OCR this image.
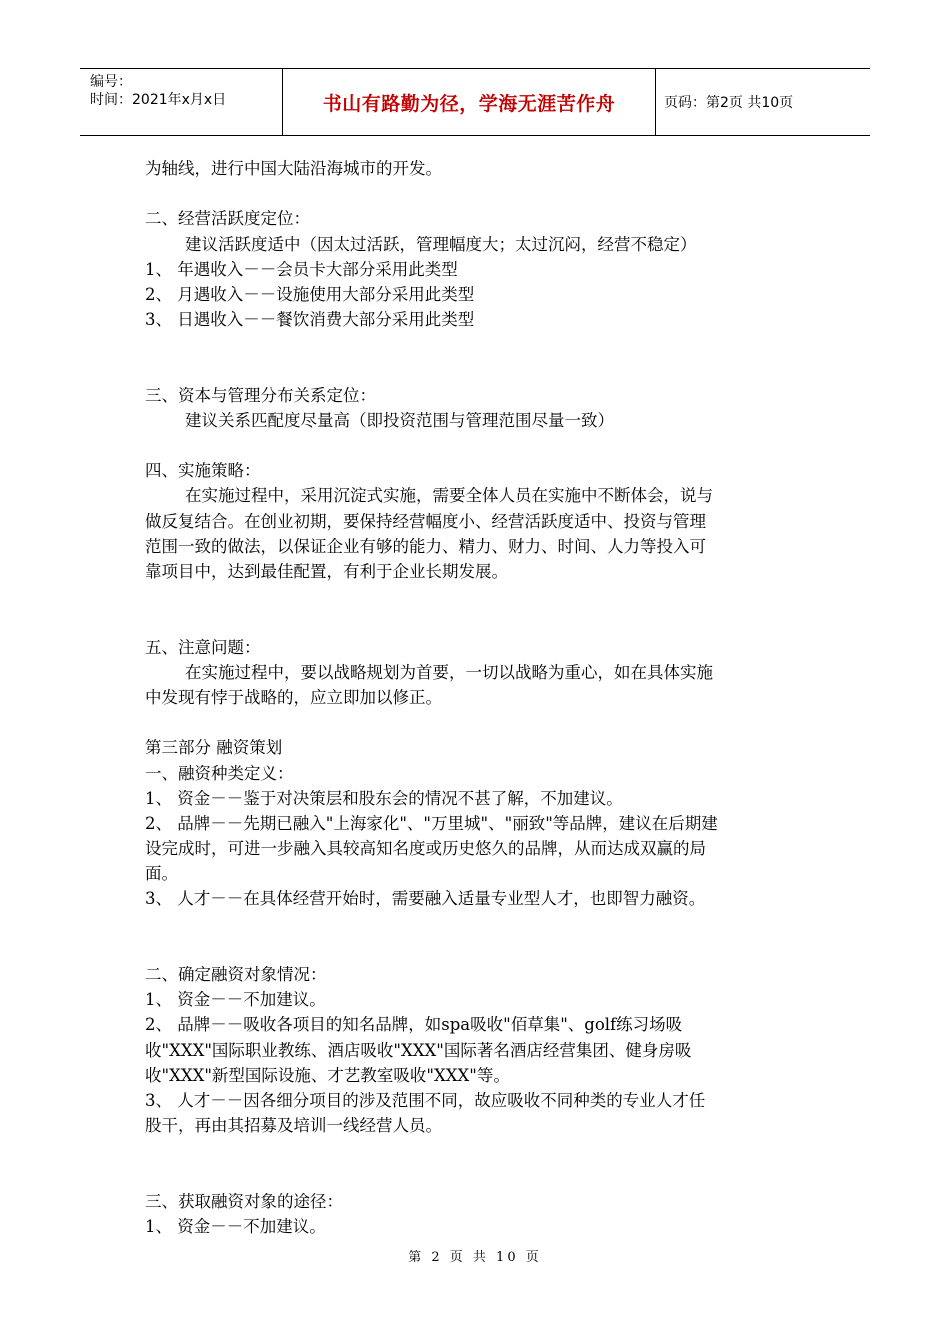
编号：
时间：2021年x月x日	书山有路勤为径，学海无涯苦作舟	页码：第2页 共10页
为轴线，进行中国大陆沿海城市的开发。
二、经营活跃度定位：
建议活跃度适中（因太过活跃，管理幅度大；太过沉闷，经营不稳定）
1、 年遇收入－－会员卡大部分采用此类型
2、 月遇收入－－设施使用大部分采用此类型
3、 日遇收入－－餐饮消费大部分采用此类型
三、资本与管理分布关系定位：
建议关系匹配度尽量高（即投资范围与管理范围尽量一致）
四、实施策略：
在实施过程中，采用沉淀式实施，需要全体人员在实施中不断体会，说与
做反复结合。在创业初期，要保持经营幅度小、经营活跃度适中、投资与管理
范围一致的做法，以保证企业有够的能力、精力、财力、时间、人力等投入可
靠项目中，达到最佳配置，有利于企业长期发展。
五、注意问题：
在实施过程中，要以战略规划为首要，一切以战略为重心，如在具体实施
中发现有悖于战略的，应立即加以修正。
第三部分 融资策划
一、融资种类定义：
1、 资金－－鉴于对决策层和股东会的情况不甚了解，不加建议。
2、 品牌－－先期已融入"上海家化"、"万里城"、"丽致"等品牌，建议在后期建
设完成时，可进一步融入具较高知名度或历史悠久的品牌，从而达成双赢的局
面。
3、 人才－－在具体经营开始时，需要融入适量专业型人才，也即智力融资。
二、确定融资对象情况：
1、 资金－－不加建议。
2、 品牌－－吸收各项目的知名品牌，如spa吸收"佰草集"、golf练习场吸
收"XXX"国际职业教练、酒店吸收"XXX"国际著名酒店经营集团、健身房吸
收"XXX"新型国际设施、才艺教室吸收"XXX"等。
3、 人才－－因各细分项目的涉及范围不同，故应吸收不同种类的专业人才任
股干，再由其招募及培训一线经营人员。
三、获取融资对象的途径：
1、 资金－－不加建议。
第 2 页 共 10 页
